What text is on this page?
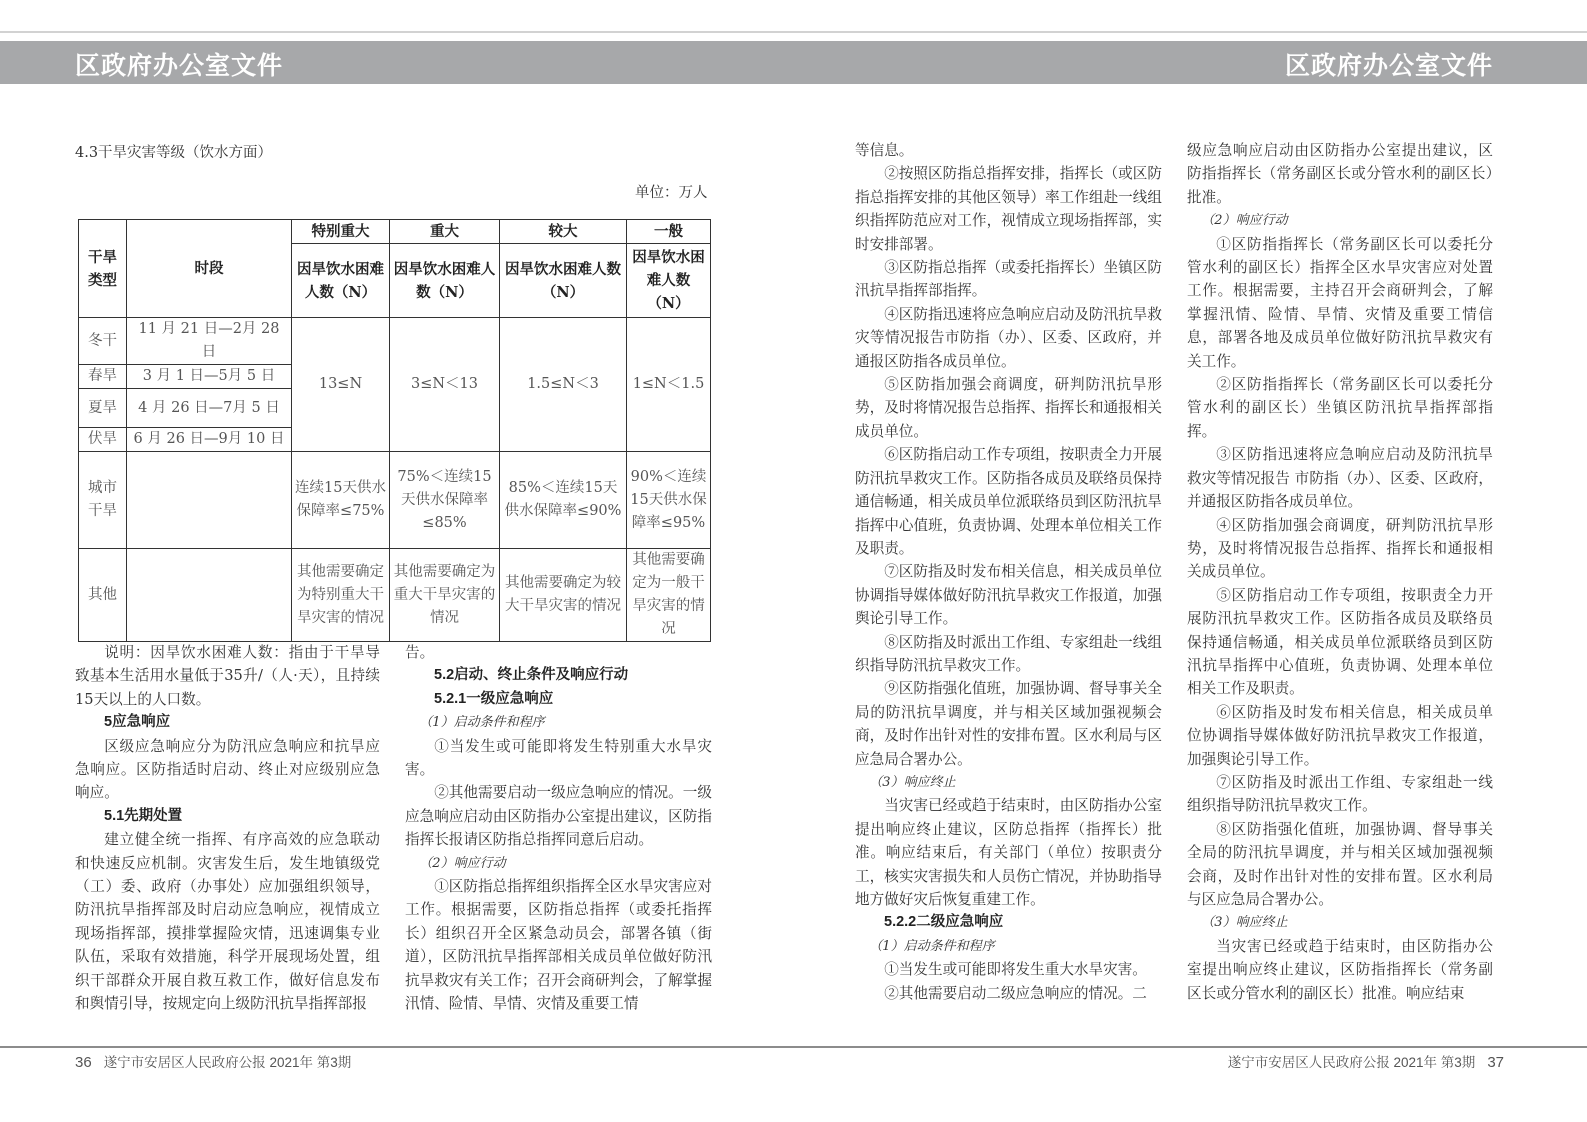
区政府办公室文件	区政府办公室文件
4.3干旱灾害等级（饮水方面）
单位：万人
干旱类型	时段	特别重大	重大	较大	一般
		因旱饮水困难人数（N）	因旱饮水困难人数（N）	因旱饮水困难人数（N）	因旱饮水困难人数（N）
冬干	11 月 21 日—2月 28 日	13≤N	3≤N＜13	1.5≤N＜3	1≤N＜1.5
春旱	3 月 1 日—5月 5 日				
夏旱	4 月 26 日—7月 5 日				
伏旱	6 月 26 日—9月 10 日				
城市干旱		连续15天供水保障率≤75%	75%＜连续15天供水保障率≤85%	85%＜连续15天供水保障率≤90%	90%＜连续15天供水保障率≤95%
其他		其他需要确定为特别重大干旱灾害的情况	其他需要确定为重大干旱灾害的情况	其他需要确定为较大干旱灾害的情况	其他需要确定为一般干旱灾害的情况

说明：因旱饮水困难人数：指由于干旱导致基本生活用水量低于35升/（人·天），且持续15天以上的人口数。

5应急响应

区级应急响应分为防汛应急响应和抗旱应急响应。区防指适时启动、终止对应级别应急响应。

5.1先期处置

建立健全统一指挥、有序高效的应急联动和快速反应机制。灾害发生后，发生地镇级党（工）委、政府（办事处）应加强组织领导，防汛抗旱指挥部及时启动应急响应，视情成立现场指挥部，摸排掌握险灾情，迅速调集专业队伍，采取有效措施，科学开展现场处置，组织干部群众开展自救互救工作，做好信息发布和舆情引导，按规定向上级防汛抗旱指挥部报

告。

5.2启动、终止条件及响应行动

5.2.1一级应急响应

（1）启动条件和程序

①当发生或可能即将发生特别重大水旱灾害。

②其他需要启动一级应急响应的情况。一级应急响应启动由区防指办公室提出建议，区防指指挥长报请区防指总指挥同意后启动。

（2）响应行动

①区防指总指挥组织指挥全区水旱灾害应对工作。根据需要，区防指总指挥（或委托指挥长）组织召开全区紧急动员会，部署各镇（街道），区防汛抗旱指挥部相关成员单位做好防汛抗旱救灾有关工作；召开会商研判会，了解掌握汛情、险情、旱情、灾情及重要工情

等信息。

②按照区防指总指挥安排，指挥长（或区防指总指挥安排的其他区领导）率工作组赴一线组织指挥防范应对工作，视情成立现场指挥部，实时安排部署。

③区防指总指挥（或委托指挥长）坐镇区防汛抗旱指挥部指挥。

④区防指迅速将应急响应启动及防汛抗旱救灾等情况报告市防指（办）、区委、区政府，并通报区防指各成员单位。

⑤区防指加强会商调度，研判防汛抗旱形势，及时将情况报告总指挥、指挥长和通报相关成员单位。

⑥区防指启动工作专项组，按职责全力开展防汛抗旱救灾工作。区防指各成员及联络员保持通信畅通，相关成员单位派联络员到区防汛抗旱指挥中心值班，负责协调、处理本单位相关工作及职责。

⑦区防指及时发布相关信息，相关成员单位协调指导媒体做好防汛抗旱救灾工作报道，加强舆论引导工作。

⑧区防指及时派出工作组、专家组赴一线组织指导防汛抗旱救灾工作。

⑨区防指强化值班，加强协调、督导事关全局的防汛抗旱调度，并与相关区域加强视频会商，及时作出针对性的安排布置。区水利局与区应急局合署办公。

（3）响应终止

当灾害已经或趋于结束时，由区防指办公室提出响应终止建议，区防总指挥（指挥长）批准。响应结束后，有关部门（单位）按职责分工，核实灾害损失和人员伤亡情况，并协助指导地方做好灾后恢复重建工作。

5.2.2二级应急响应

（1）启动条件和程序

①当发生或可能即将发生重大水旱灾害。

②其他需要启动二级应急响应的情况。二

级应急响应启动由区防指办公室提出建议，区防指指挥长（常务副区长或分管水利的副区长）批准。

（2）响应行动

①区防指指挥长（常务副区长可以委托分管水利的副区长）指挥全区水旱灾害应对处置工作。根据需要，主持召开会商研判会，了解掌握汛情、险情、旱情、灾情及重要工情信息，部署各地及成员单位做好防汛抗旱救灾有关工作。

②区防指指挥长（常务副区长可以委托分管水利的副区长）坐镇区防汛抗旱指挥部指挥。

③区防指迅速将应急响应启动及防汛抗旱救灾等情况报告 市防指（办）、区委、区政府，并通报区防指各成员单位。

④区防指加强会商调度，研判防汛抗旱形势，及时将情况报告总指挥、指挥长和通报相关成员单位。

⑤区防指启动工作专项组，按职责全力开展防汛抗旱救灾工作。区防指各成员及联络员保持通信畅通，相关成员单位派联络员到区防汛抗旱指挥中心值班，负责协调、处理本单位相关工作及职责。

⑥区防指及时发布相关信息，相关成员单位协调指导媒体做好防汛抗旱救灾工作报道，加强舆论引导工作。

⑦区防指及时派出工作组、专家组赴一线组织指导防汛抗旱救灾工作。

⑧区防指强化值班，加强协调、督导事关全局的防汛抗旱调度，并与相关区域加强视频会商，及时作出针对性的安排布置。区水利局与区应急局合署办公。

（3）响应终止

当灾害已经或趋于结束时，由区防指办公室提出响应终止建议，区防指指挥长（常务副区长或分管水利的副区长）批准。响应结束

36 遂宁市安居区人民政府公报 2021年 第3期	遂宁市安居区人民政府公报 2021年 第3期 37
